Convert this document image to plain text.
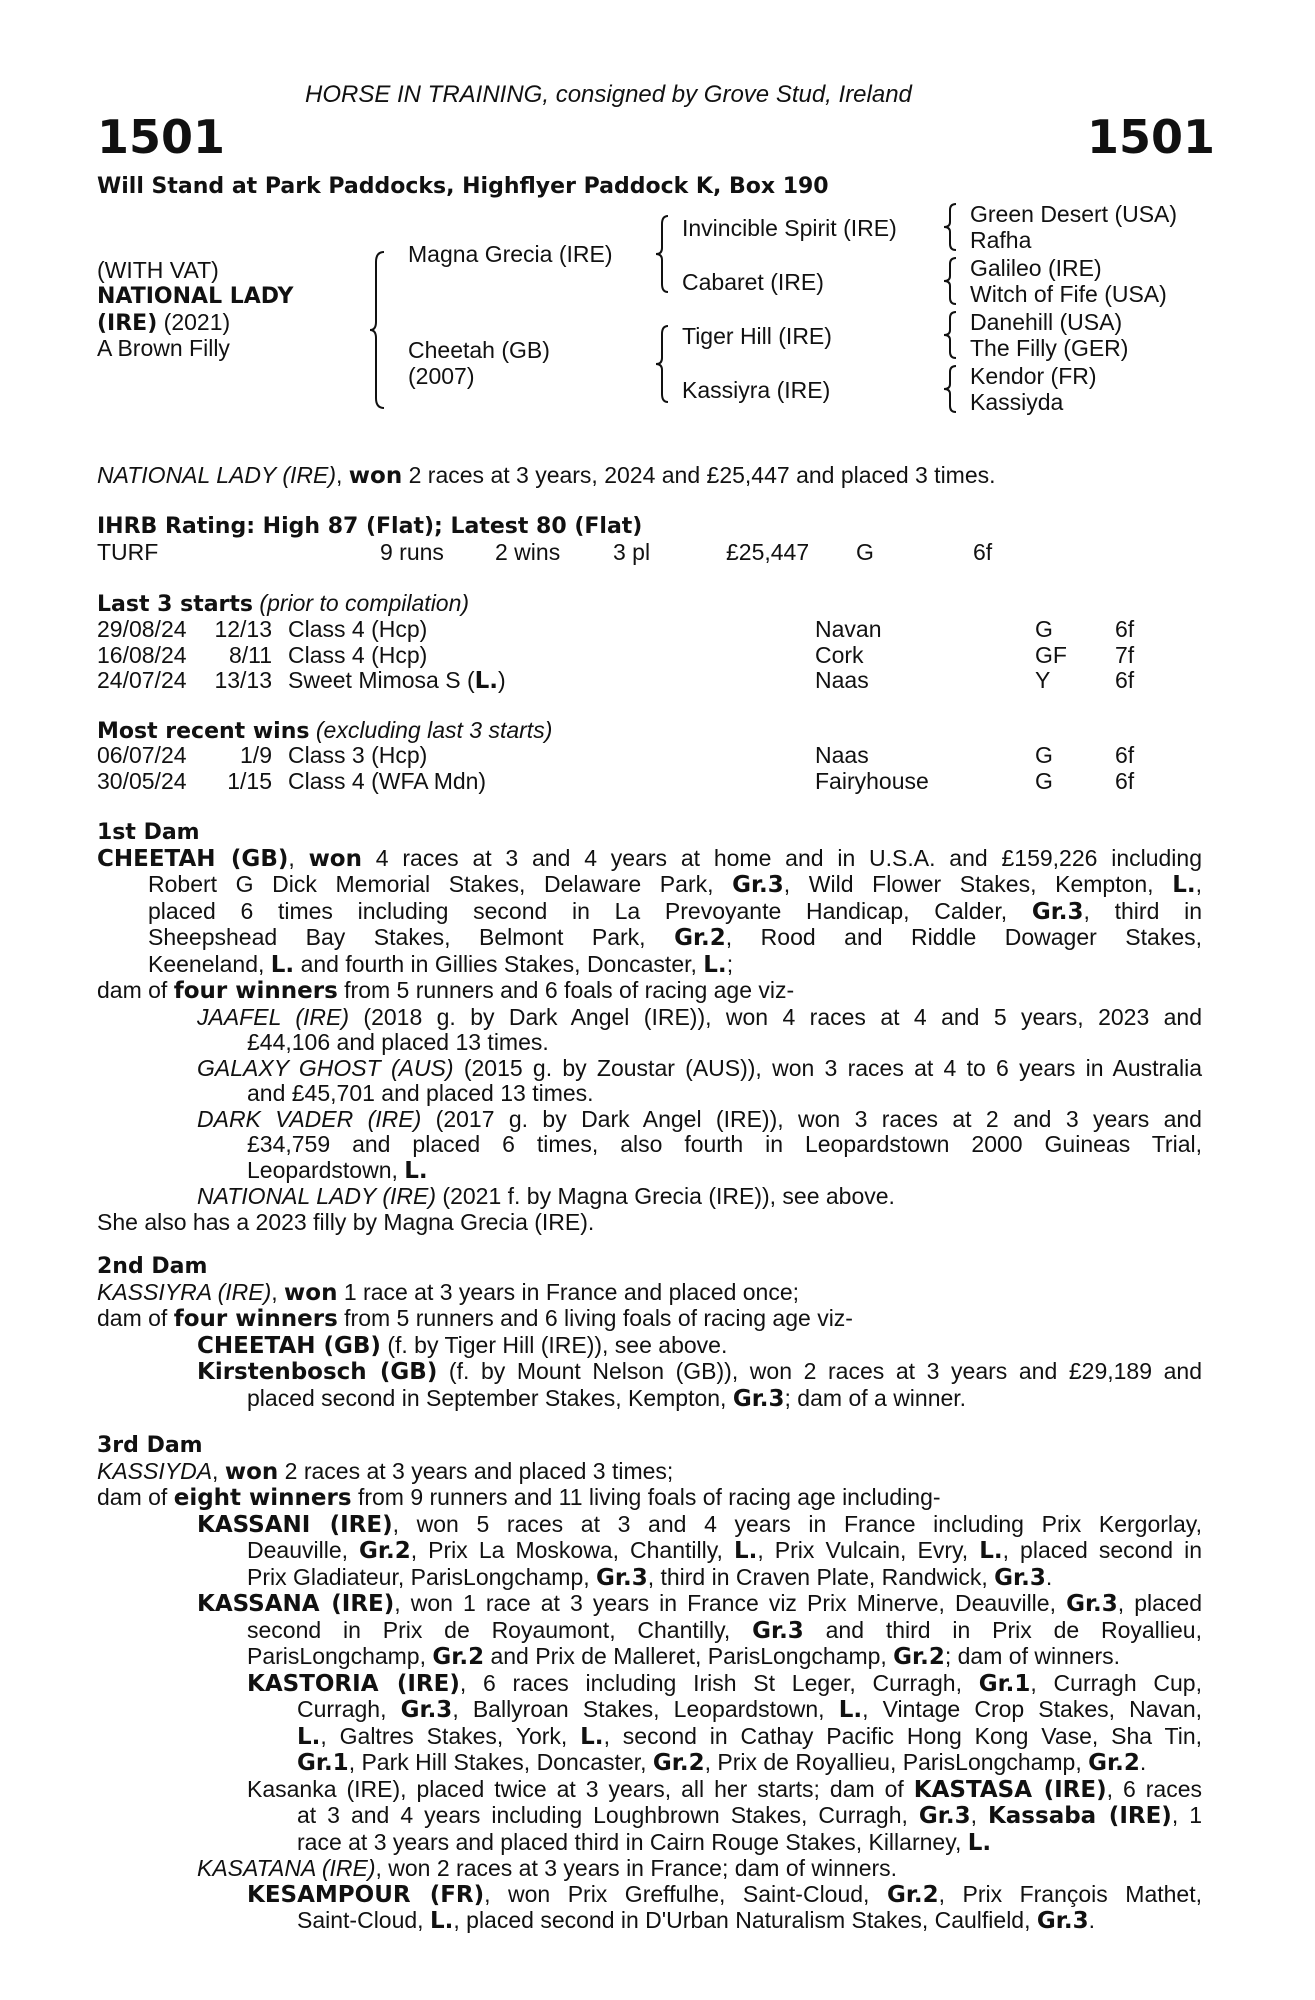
HORSE IN TRAINING, consigned by Grove Stud, Ireland
1501	1501
Will Stand at Park Paddocks, Highflyer Paddock K, Box 190
(WITH VAT)
NATIONAL LADY
(IRE) (2021)
A Brown Filly
Magna Grecia (IRE)
Cheetah (GB)
(2007)
Invincible Spirit (IRE)
Cabaret (IRE)
Tiger Hill (IRE)
Kassiyra (IRE)
Green Desert (USA)
Rafha
Galileo (IRE)
Witch of Fife (USA)
Danehill (USA)
The Filly (GER)
Kendor (FR)
Kassiyda
NATIONAL LADY (IRE), won 2 races at 3 years, 2024 and £25,447 and placed 3 times.
IHRB Rating: High 87 (Flat); Latest 80 (Flat)
TURF	9 runs 2 wins 3 pl	£25,447 G	6f
Last 3 starts (prior to compilation)
29/08/24 12/13 Class 4 (Hcp)	Navan	G	6f
16/08/24 8/11 Class 4 (Hcp)	Cork	GF 7f
24/07/24 13/13 Sweet Mimosa S (L.)	Naas	Y	6f
Most recent wins (excluding last 3 starts)
06/07/24 1/9 Class 3 (Hcp)	Naas	G	6f
30/05/24 1/15 Class 4 (WFA Mdn)	Fairyhouse	G	6f
1st Dam
CHEETAH (GB), won 4 races at 3 and 4 years at home and in U.S.A. and £159,226 including
Robert G Dick Memorial Stakes, Delaware Park, Gr.3, Wild Flower Stakes, Kempton, L.,
placed 6 times including second in La Prevoyante Handicap, Calder, Gr.3, third in
Sheepshead Bay Stakes, Belmont Park, Gr.2, Rood and Riddle Dowager Stakes,
Keeneland, L. and fourth in Gillies Stakes, Doncaster, L.;
dam of four winners from 5 runners and 6 foals of racing age viz-
JAAFEL (IRE) (2018 g. by Dark Angel (IRE)), won 4 races at 4 and 5 years, 2023 and
£44,106 and placed 13 times.
GALAXY GHOST (AUS) (2015 g. by Zoustar (AUS)), won 3 races at 4 to 6 years in Australia
and £45,701 and placed 13 times.
DARK VADER (IRE) (2017 g. by Dark Angel (IRE)), won 3 races at 2 and 3 years and
£34,759 and placed 6 times, also fourth in Leopardstown 2000 Guineas Trial,
Leopardstown, L.
NATIONAL LADY (IRE) (2021 f. by Magna Grecia (IRE)), see above.
She also has a 2023 filly by Magna Grecia (IRE).
2nd Dam
KASSIYRA (IRE), won 1 race at 3 years in France and placed once;
dam of four winners from 5 runners and 6 living foals of racing age viz-
CHEETAH (GB) (f. by Tiger Hill (IRE)), see above.
Kirstenbosch (GB) (f. by Mount Nelson (GB)), won 2 races at 3 years and £29,189 and
placed second in September Stakes, Kempton, Gr.3; dam of a winner.
3rd Dam
KASSIYDA, won 2 races at 3 years and placed 3 times;
dam of eight winners from 9 runners and 11 living foals of racing age including-
KASSANI (IRE), won 5 races at 3 and 4 years in France including Prix Kergorlay,
Deauville, Gr.2, Prix La Moskowa, Chantilly, L., Prix Vulcain, Evry, L., placed second in
Prix Gladiateur, ParisLongchamp, Gr.3, third in Craven Plate, Randwick, Gr.3.
KASSANA (IRE), won 1 race at 3 years in France viz Prix Minerve, Deauville, Gr.3, placed
second in Prix de Royaumont, Chantilly, Gr.3 and third in Prix de Royallieu,
ParisLongchamp, Gr.2 and Prix de Malleret, ParisLongchamp, Gr.2; dam of winners.
KASTORIA (IRE), 6 races including Irish St Leger, Curragh, Gr.1, Curragh Cup,
Curragh, Gr.3, Ballyroan Stakes, Leopardstown, L., Vintage Crop Stakes, Navan,
L., Galtres Stakes, York, L., second in Cathay Pacific Hong Kong Vase, Sha Tin,
Gr.1, Park Hill Stakes, Doncaster, Gr.2, Prix de Royallieu, ParisLongchamp, Gr.2.
Kasanka (IRE), placed twice at 3 years, all her starts; dam of KASTASA (IRE), 6 races
at 3 and 4 years including Loughbrown Stakes, Curragh, Gr.3, Kassaba (IRE), 1
race at 3 years and placed third in Cairn Rouge Stakes, Killarney, L.
KASATANA (IRE), won 2 races at 3 years in France; dam of winners.
KESAMPOUR (FR), won Prix Greffulhe, Saint-Cloud, Gr.2, Prix François Mathet,
Saint-Cloud, L., placed second in D'Urban Naturalism Stakes, Caulfield, Gr.3.
